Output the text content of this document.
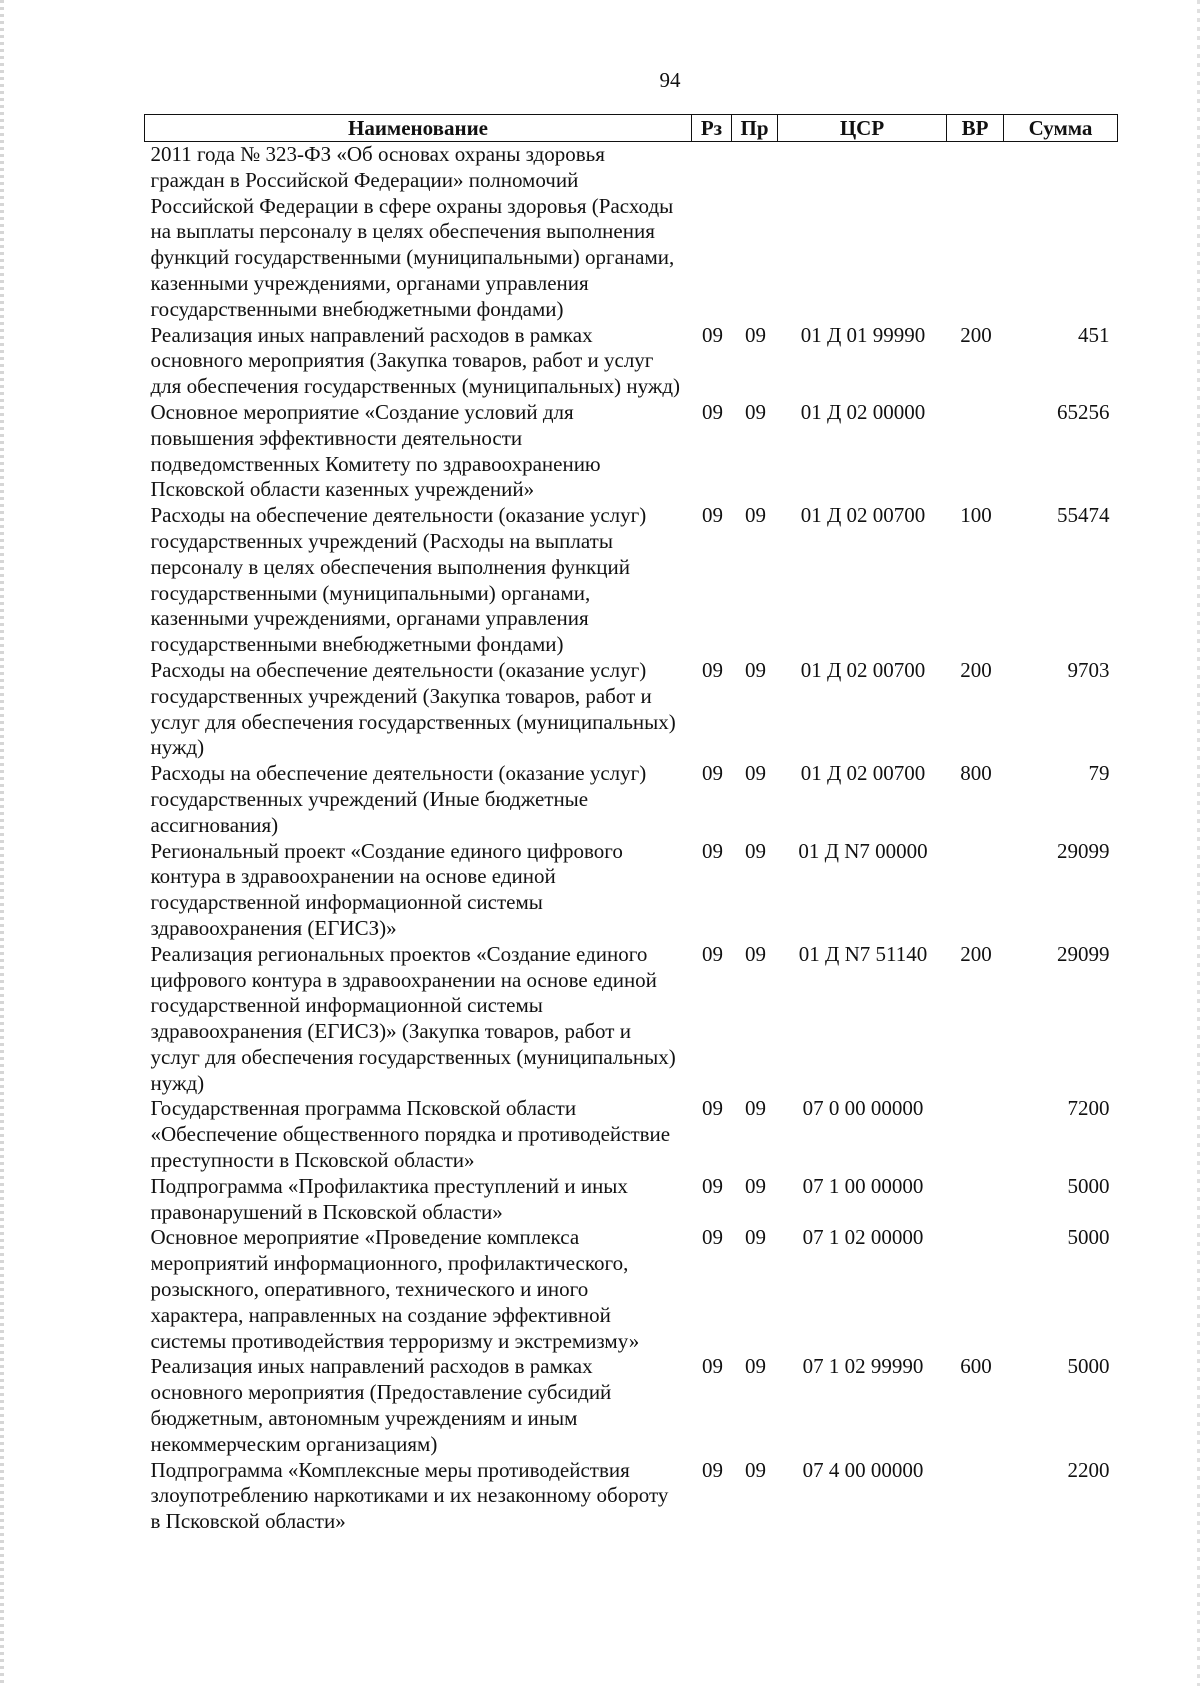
94
Наименование	Рз	Пр	ЦСР	ВР	Сумма
2011 года № 323-ФЗ «Об основах охраны здоровья граждан в Российской Федерации» полномочий Российской Федерации в сфере охраны здоровья (Расходы на выплаты персоналу в целях обеспечения выполнения функций государственными (муниципальными) органами, казенными учреждениями, органами управления государственными внебюджетными фондами)					
Реализация иных направлений расходов в рамках основного мероприятия (Закупка товаров, работ и услуг для обеспечения государственных (муниципальных) нужд)	09	09	01 Д 01 99990	200	451
Основное мероприятие «Создание условий для повышения эффективности деятельности подведомственных Комитету по здравоохранению Псковской области казенных учреждений»	09	09	01 Д 02 00000		65256
Расходы на обеспечение деятельности (оказание услуг) государственных учреждений (Расходы на выплаты персоналу в целях обеспечения выполнения функций государственными (муниципальными) органами, казенными учреждениями, органами управления государственными внебюджетными фондами)	09	09	01 Д 02 00700	100	55474
Расходы на обеспечение деятельности (оказание услуг) государственных учреждений (Закупка товаров, работ и услуг для обеспечения государственных (муниципальных) нужд)	09	09	01 Д 02 00700	200	9703
Расходы на обеспечение деятельности (оказание услуг) государственных учреждений (Иные бюджетные ассигнования)	09	09	01 Д 02 00700	800	79
Региональный проект «Создание единого цифрового контура в здравоохранении на основе единой государственной информационной системы здравоохранения (ЕГИСЗ)»	09	09	01 Д N7 00000		29099
Реализация региональных проектов «Создание единого цифрового контура в здравоохранении на основе единой государственной информационной системы здравоохранения (ЕГИСЗ)» (Закупка товаров, работ и услуг для обеспечения государственных (муниципальных) нужд)	09	09	01 Д N7 51140	200	29099
Государственная программа Псковской области «Обеспечение общественного порядка и противодействие преступности в Псковской области»	09	09	07 0 00 00000		7200
Подпрограмма «Профилактика преступлений и иных правонарушений в Псковской области»	09	09	07 1 00 00000		5000
Основное мероприятие «Проведение комплекса мероприятий информационного, профилактического, розыскного, оперативного, технического и иного характера, направленных на создание эффективной системы противодействия терроризму и экстремизму»	09	09	07 1 02 00000		5000
Реализация иных направлений расходов в рамках основного мероприятия (Предоставление субсидий бюджетным, автономным учреждениям и иным некоммерческим организациям)	09	09	07 1 02 99990	600	5000
Подпрограмма «Комплексные меры противодействия злоупотреблению наркотиками и их незаконному обороту в Псковской области»	09	09	07 4 00 00000		2200
